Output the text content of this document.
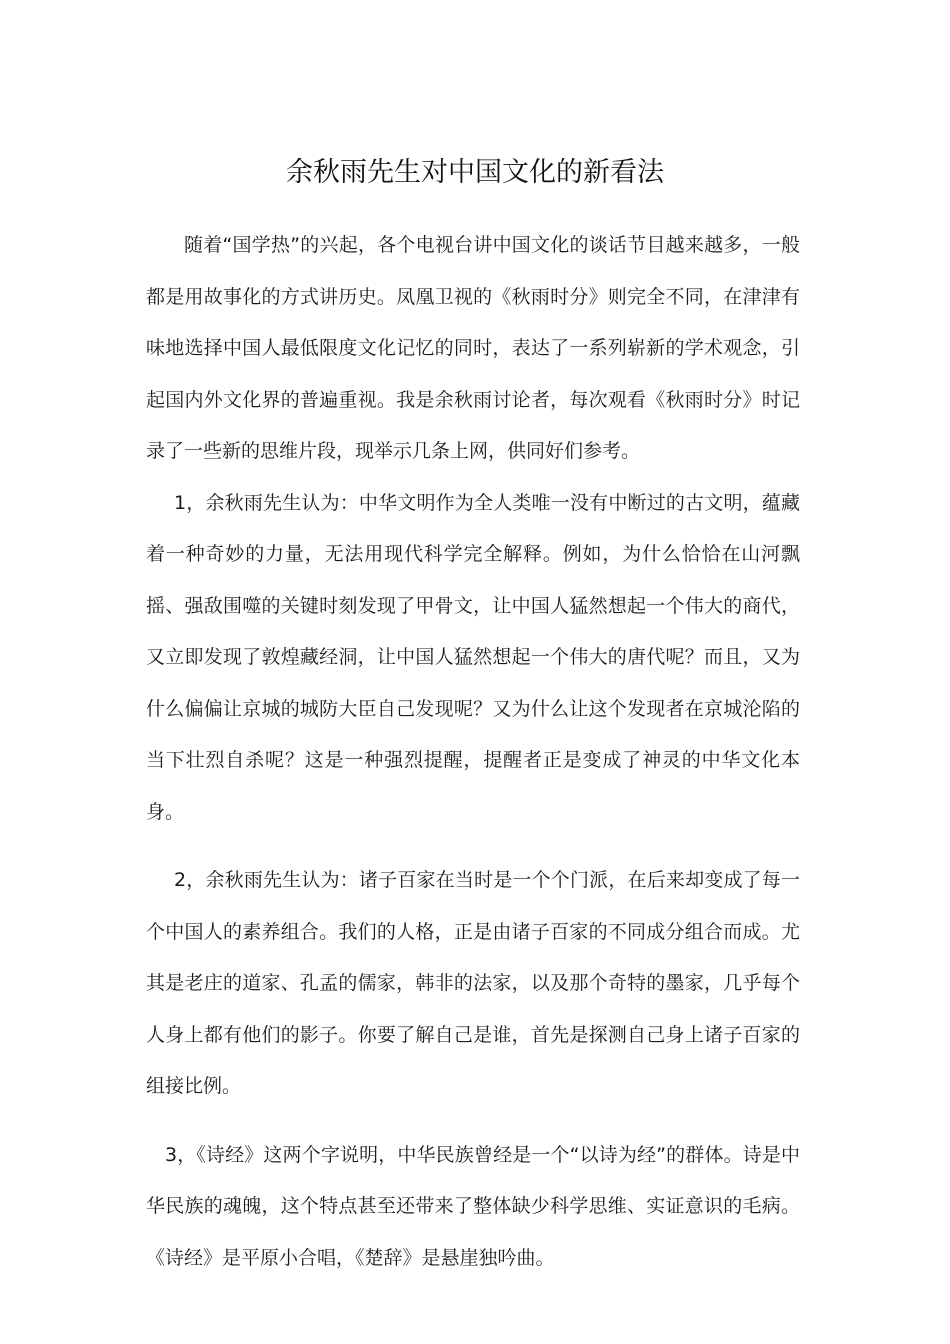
余秋雨先生对中国文化的新看法

随着“国学热”的兴起，各个电视台讲中国文化的谈话节目越来越多，一般都是用故事化的方式讲历史。凤凰卫视的《秋雨时分》则完全不同，在津津有味地选择中国人最低限度文化记忆的同时，表达了一系列崭新的学术观念，引起国内外文化界的普遍重视。我是余秋雨讨论者，每次观看《秋雨时分》时记录了一些新的思维片段，现举示几条上网，供同好们参考。

1，余秋雨先生认为：中华文明作为全人类唯一没有中断过的古文明，蕴藏着一种奇妙的力量，无法用现代科学完全解释。例如，为什么恰恰在山河飘摇、强敌围噬的关键时刻发现了甲骨文，让中国人猛然想起一个伟大的商代，又立即发现了敦煌藏经洞，让中国人猛然想起一个伟大的唐代呢？而且，又为什么偏偏让京城的城防大臣自己发现呢？又为什么让这个发现者在京城沦陷的当下壮烈自杀呢？这是一种强烈提醒，提醒者正是变成了神灵的中华文化本身。

2，余秋雨先生认为：诸子百家在当时是一个个门派，在后来却变成了每一个中国人的素养组合。我们的人格，正是由诸子百家的不同成分组合而成。尤其是老庄的道家、孔孟的儒家，韩非的法家，以及那个奇特的墨家，几乎每个人身上都有他们的影子。你要了解自己是谁，首先是探测自己身上诸子百家的组接比例。

3，《诗经》这两个字说明，中华民族曾经是一个“以诗为经”的群体。诗是中华民族的魂魄，这个特点甚至还带来了整体缺少科学思维、实证意识的毛病。《诗经》是平原小合唱，《楚辞》是悬崖独吟曲。
